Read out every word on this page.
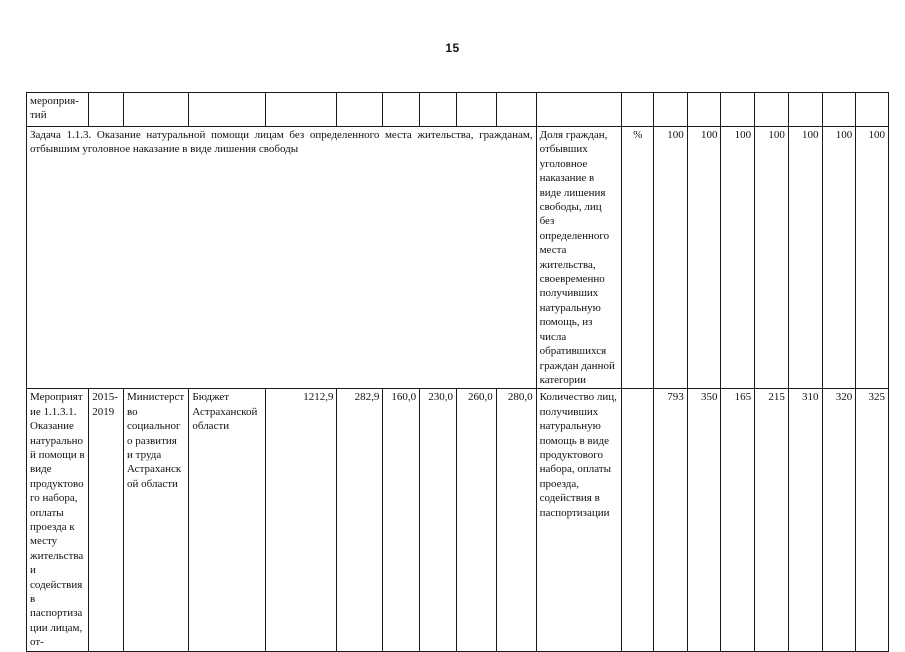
15
мероприя-тий																		
Задача 1.1.3. Оказание натуральной помощи лицам без определенного места жительства, гражданам, отбывшим уголовное наказание в виде лишения свободы										Доля граждан, отбывших уголовное наказание в виде лишения свободы, лиц без определенного места жительства, своевременно получивших натуральную помощь, из числа обратившихся граждан данной категории	%	100	100	100	100	100	100	100
Мероприятие 1.1.3.1. Оказание натуральной помощи в виде продуктового набора, оплаты проезда к месту жительства и содействия в паспортизации лицам, от-	2015-2019	Министерство социального развития и труда Астраханской области	Бюджет Астраханской области	1212,9	282,9	160,0	230,0	260,0	280,0	Количество лиц, получивших натуральную помощь в виде продуктового набора, оплаты проезда, содействия в паспортизации		793	350	165	215	310	320	325
